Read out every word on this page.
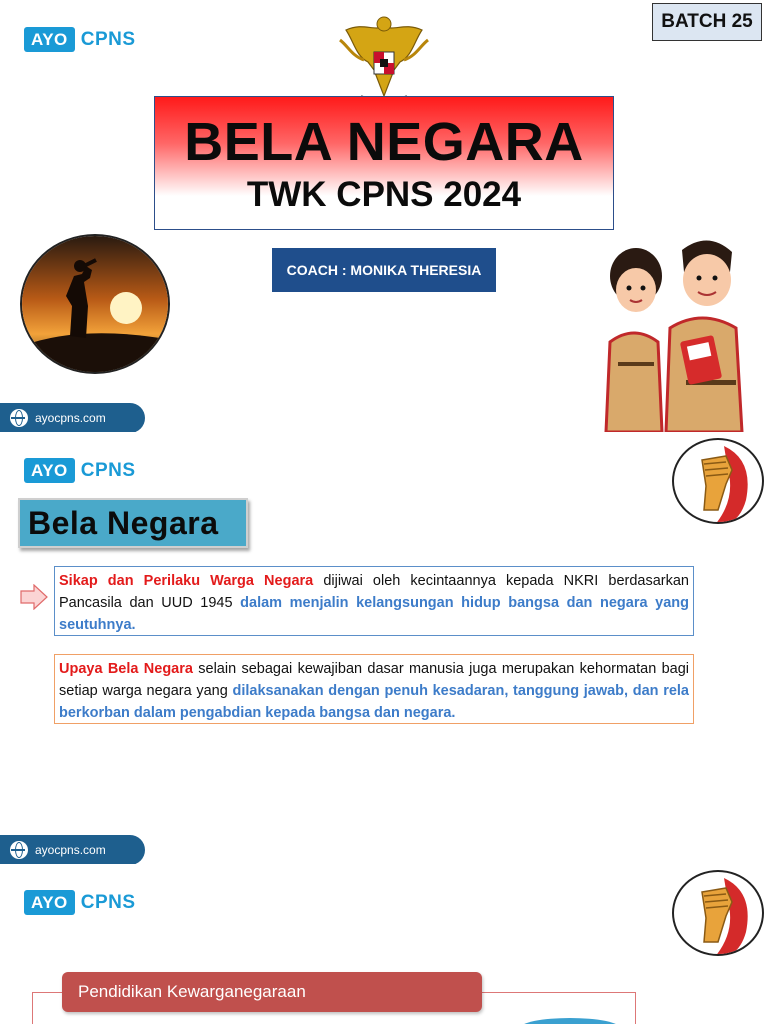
AYO CPNS
BATCH 25
BELA NEGARA
TWK CPNS 2024
COACH : MONIKA THERESIA
ayocpns.com
AYO CPNS
Bela Negara
Sikap dan Perilaku Warga Negara dijiwai oleh kecintaannya kepada NKRI berdasarkan Pancasila dan UUD 1945 dalam menjalin kelangsungan hidup bangsa dan negara yang seutuhnya.
Upaya Bela Negara selain sebagai kewajiban dasar manusia juga merupakan kehormatan bagi setiap warga negara yang dilaksanakan dengan penuh kesadaran, tanggung jawab, dan rela berkorban dalam pengabdian kepada bangsa dan negara.
ayocpns.com
AYO CPNS
Pendidikan Kewarganegaraan
